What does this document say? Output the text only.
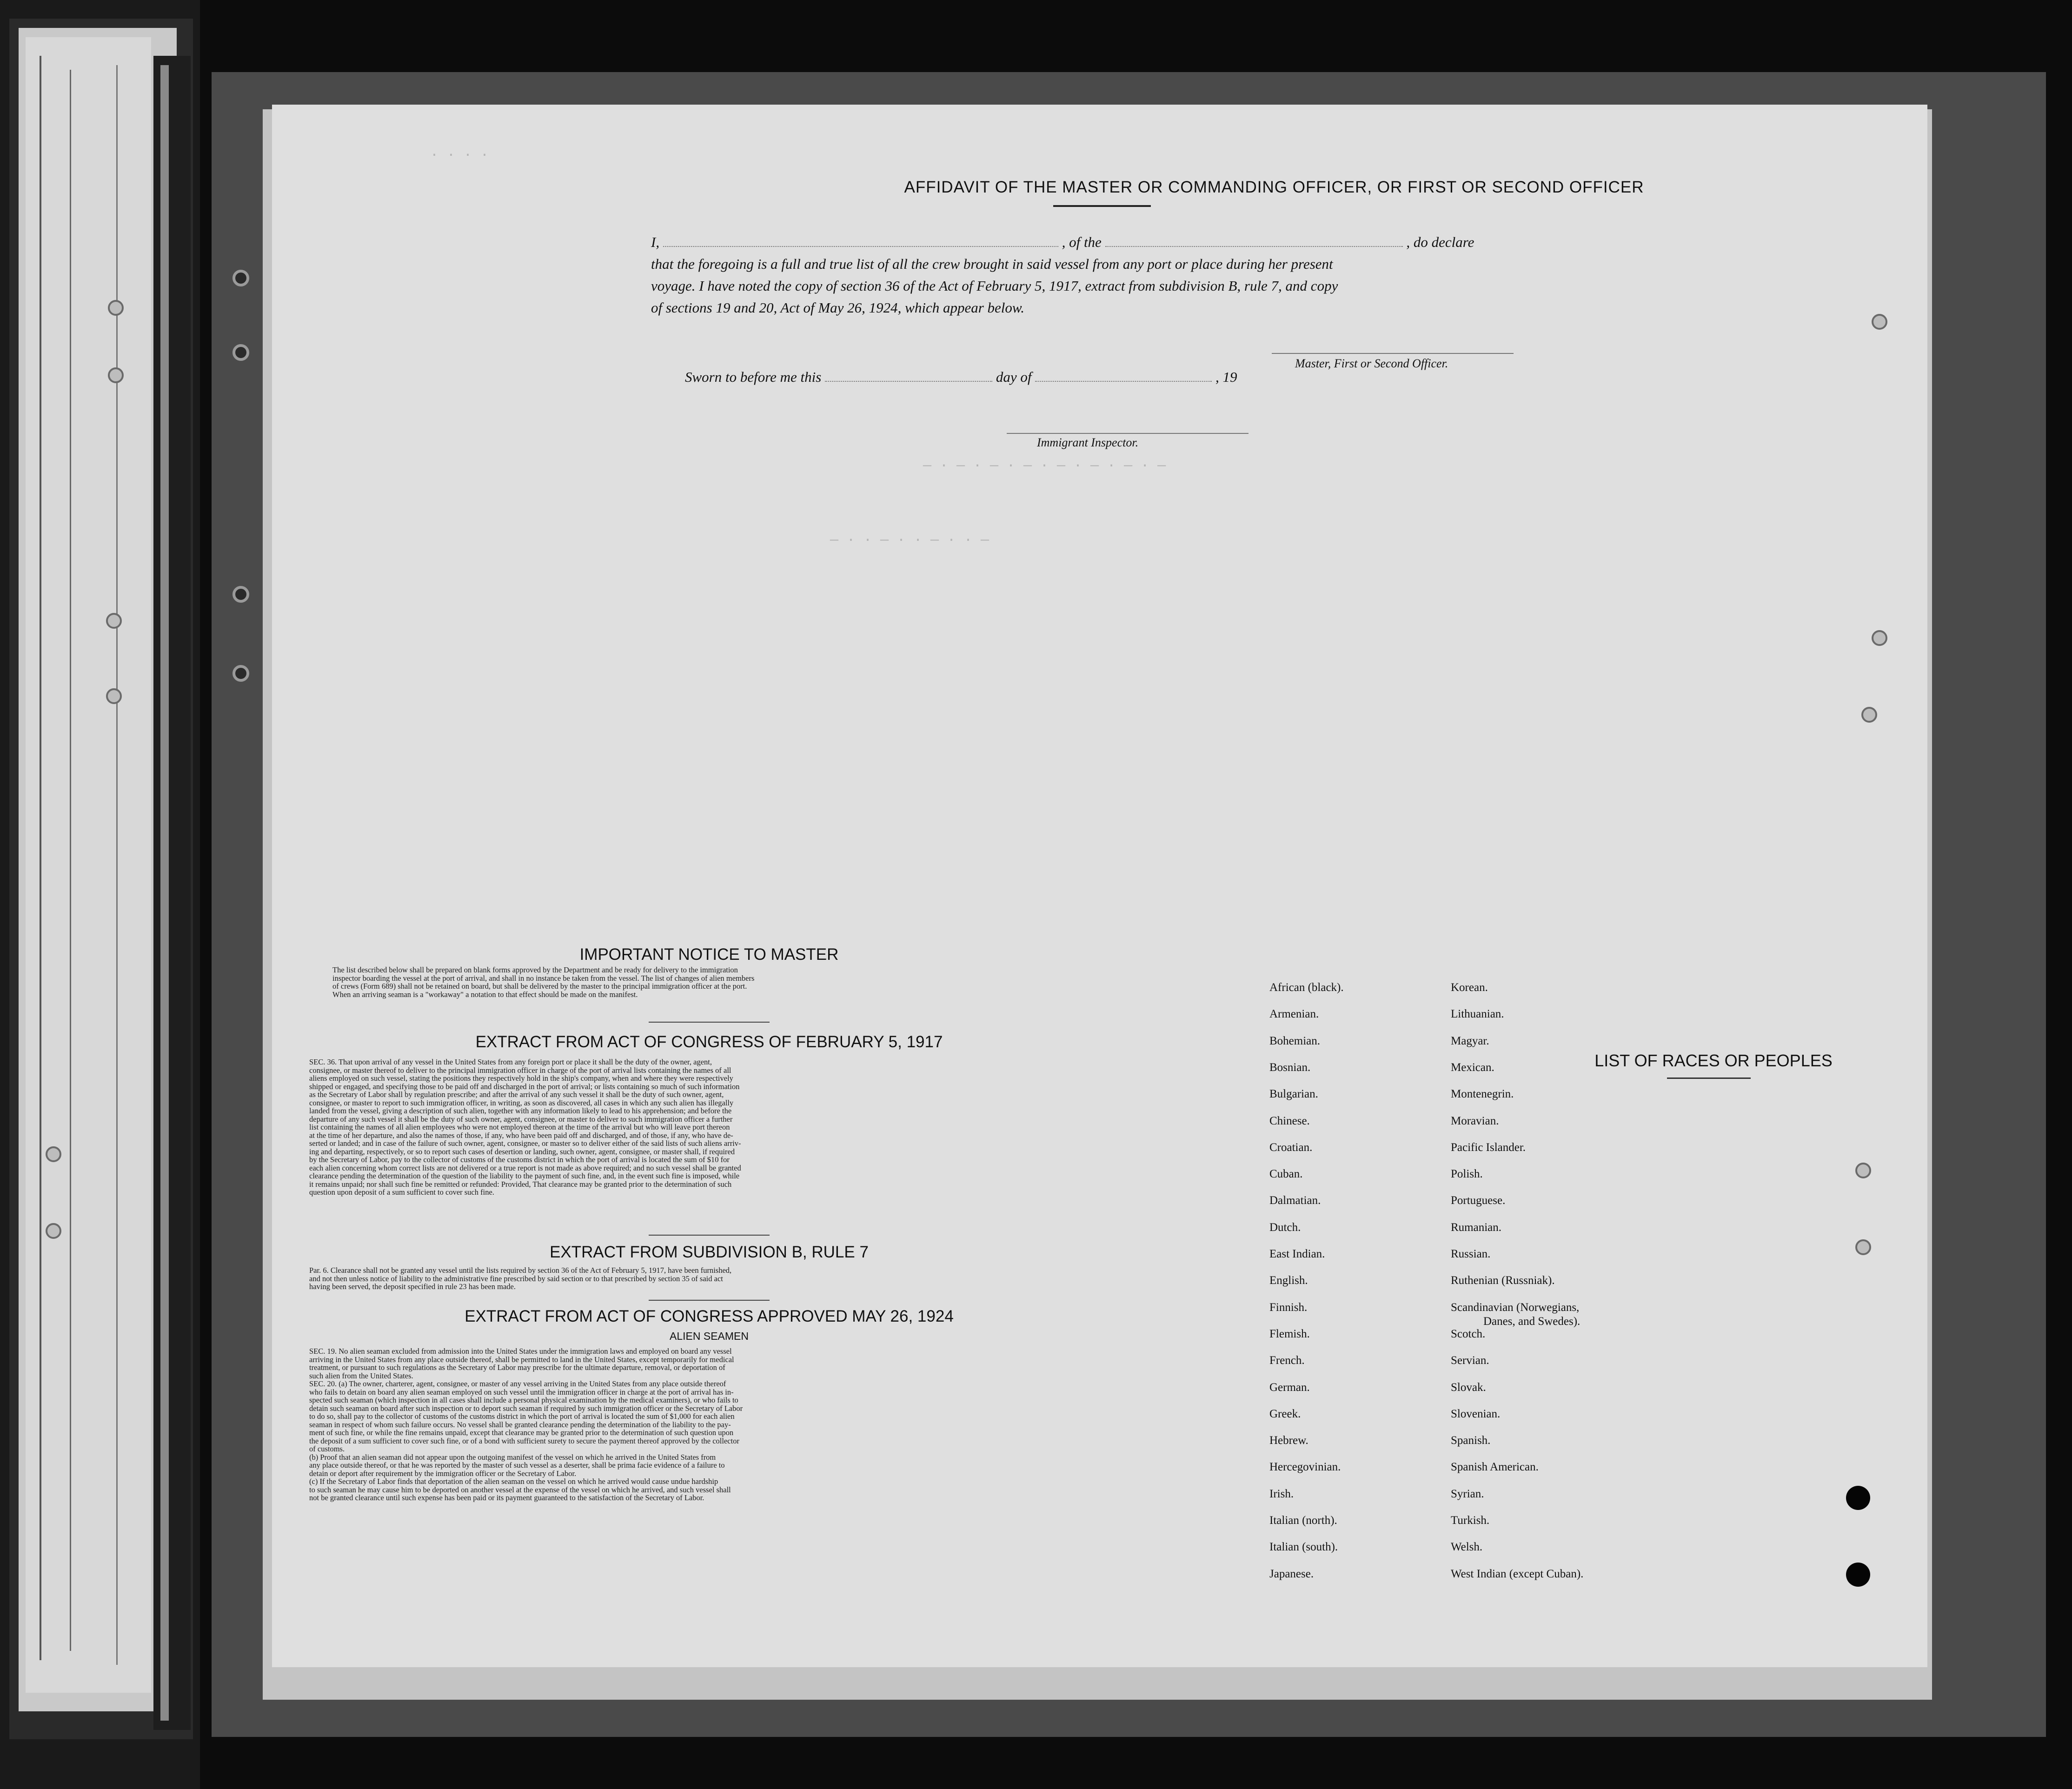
· · · ·
— · — · — · — · — · — · — · —
— · · — · · — · · —
AFFIDAVIT OF THE MASTER OR COMMANDING OFFICER, OR FIRST OR SECOND OFFICER
I,	, of the	, do declare
that the foregoing is a full and true list of all the crew brought in said vessel from any port or place during her present
voyage. I have noted the copy of section 36 of the Act of February 5, 1917, extract from subdivision B, rule 7, and copy
of sections 19 and 20, Act of May 26, 1924, which appear below.
Master, First or Second Officer.
Sworn to before me this	day of	, 19
Immigrant Inspector.
IMPORTANT NOTICE TO MASTER
The list described below shall be prepared on blank forms approved by the Department and be ready for delivery to the immigration
inspector boarding the vessel at the port of arrival, and shall in no instance be taken from the vessel. The list of changes of alien members
of crews (Form 689) shall not be retained on board, but shall be delivered by the master to the principal immigration officer at the port.
When an arriving seaman is a "workaway" a notation to that effect should be made on the manifest.
EXTRACT FROM ACT OF CONGRESS OF FEBRUARY 5, 1917
SEC. 36. That upon arrival of any vessel in the United States from any foreign port or place it shall be the duty of the owner, agent,
consignee, or master thereof to deliver to the principal immigration officer in charge of the port of arrival lists containing the names of all
aliens employed on such vessel, stating the positions they respectively hold in the ship's company, when and where they were respectively
shipped or engaged, and specifying those to be paid off and discharged in the port of arrival; or lists containing so much of such information
as the Secretary of Labor shall by regulation prescribe; and after the arrival of any such vessel it shall be the duty of such owner, agent,
consignee, or master to report to such immigration officer, in writing, as soon as discovered, all cases in which any such alien has illegally
landed from the vessel, giving a description of such alien, together with any information likely to lead to his apprehension; and before the
departure of any such vessel it shall be the duty of such owner, agent, consignee, or master to deliver to such immigration officer a further
list containing the names of all alien employees who were not employed thereon at the time of the arrival but who will leave port thereon
at the time of her departure, and also the names of those, if any, who have been paid off and discharged, and of those, if any, who have de-
serted or landed; and in case of the failure of such owner, agent, consignee, or master so to deliver either of the said lists of such aliens arriv-
ing and departing, respectively, or so to report such cases of desertion or landing, such owner, agent, consignee, or master shall, if required
by the Secretary of Labor, pay to the collector of customs of the customs district in which the port of arrival is located the sum of $10 for
each alien concerning whom correct lists are not delivered or a true report is not made as above required; and no such vessel shall be granted
clearance pending the determination of the question of the liability to the payment of such fine, and, in the event such fine is imposed, while
it remains unpaid; nor shall such fine be remitted or refunded: Provided, That clearance may be granted prior to the determination of such
question upon deposit of a sum sufficient to cover such fine.
EXTRACT FROM SUBDIVISION B, RULE 7
Par. 6. Clearance shall not be granted any vessel until the lists required by section 36 of the Act of February 5, 1917, have been furnished,
and not then unless notice of liability to the administrative fine prescribed by said section or to that prescribed by section 35 of said act
having been served, the deposit specified in rule 23 has been made.
EXTRACT FROM ACT OF CONGRESS APPROVED MAY 26, 1924
ALIEN SEAMEN
SEC. 19. No alien seaman excluded from admission into the United States under the immigration laws and employed on board any vessel
arriving in the United States from any place outside thereof, shall be permitted to land in the United States, except temporarily for medical
treatment, or pursuant to such regulations as the Secretary of Labor may prescribe for the ultimate departure, removal, or deportation of
such alien from the United States.
SEC. 20. (a) The owner, charterer, agent, consignee, or master of any vessel arriving in the United States from any place outside thereof
who fails to detain on board any alien seaman employed on such vessel until the immigration officer in charge at the port of arrival has in-
spected such seaman (which inspection in all cases shall include a personal physical examination by the medical examiners), or who fails to
detain such seaman on board after such inspection or to deport such seaman if required by such immigration officer or the Secretary of Labor
to do so, shall pay to the collector of customs of the customs district in which the port of arrival is located the sum of $1,000 for each alien
seaman in respect of whom such failure occurs. No vessel shall be granted clearance pending the determination of the liability to the pay-
ment of such fine, or while the fine remains unpaid, except that clearance may be granted prior to the determination of such question upon
the deposit of a sum sufficient to cover such fine, or of a bond with sufficient surety to secure the payment thereof approved by the collector
of customs.
(b) Proof that an alien seaman did not appear upon the outgoing manifest of the vessel on which he arrived in the United States from
any place outside thereof, or that he was reported by the master of such vessel as a deserter, shall be prima facie evidence of a failure to
detain or deport after requirement by the immigration officer or the Secretary of Labor.
(c) If the Secretary of Labor finds that deportation of the alien seaman on the vessel on which he arrived would cause undue hardship
to such seaman he may cause him to be deported on another vessel at the expense of the vessel on which he arrived, and such vessel shall
not be granted clearance until such expense has been paid or its payment guaranteed to the satisfaction of the Secretary of Labor.
LIST OF RACES OR PEOPLES
African (black).
Armenian.
Bohemian.
Bosnian.
Bulgarian.
Chinese.
Croatian.
Cuban.
Dalmatian.
Dutch.
East Indian.
English.
Finnish.
Flemish.
French.
German.
Greek.
Hebrew.
Hercegovinian.
Irish.
Italian (north).
Italian (south).
Japanese.
Korean.
Lithuanian.
Magyar.
Mexican.
Montenegrin.
Moravian.
Pacific Islander.
Polish.
Portuguese.
Rumanian.
Russian.
Ruthenian (Russniak).
Scandinavian (Norwegians,
Danes, and Swedes).
Scotch.
Servian.
Slovak.
Slovenian.
Spanish.
Spanish American.
Syrian.
Turkish.
Welsh.
West Indian (except Cuban).
